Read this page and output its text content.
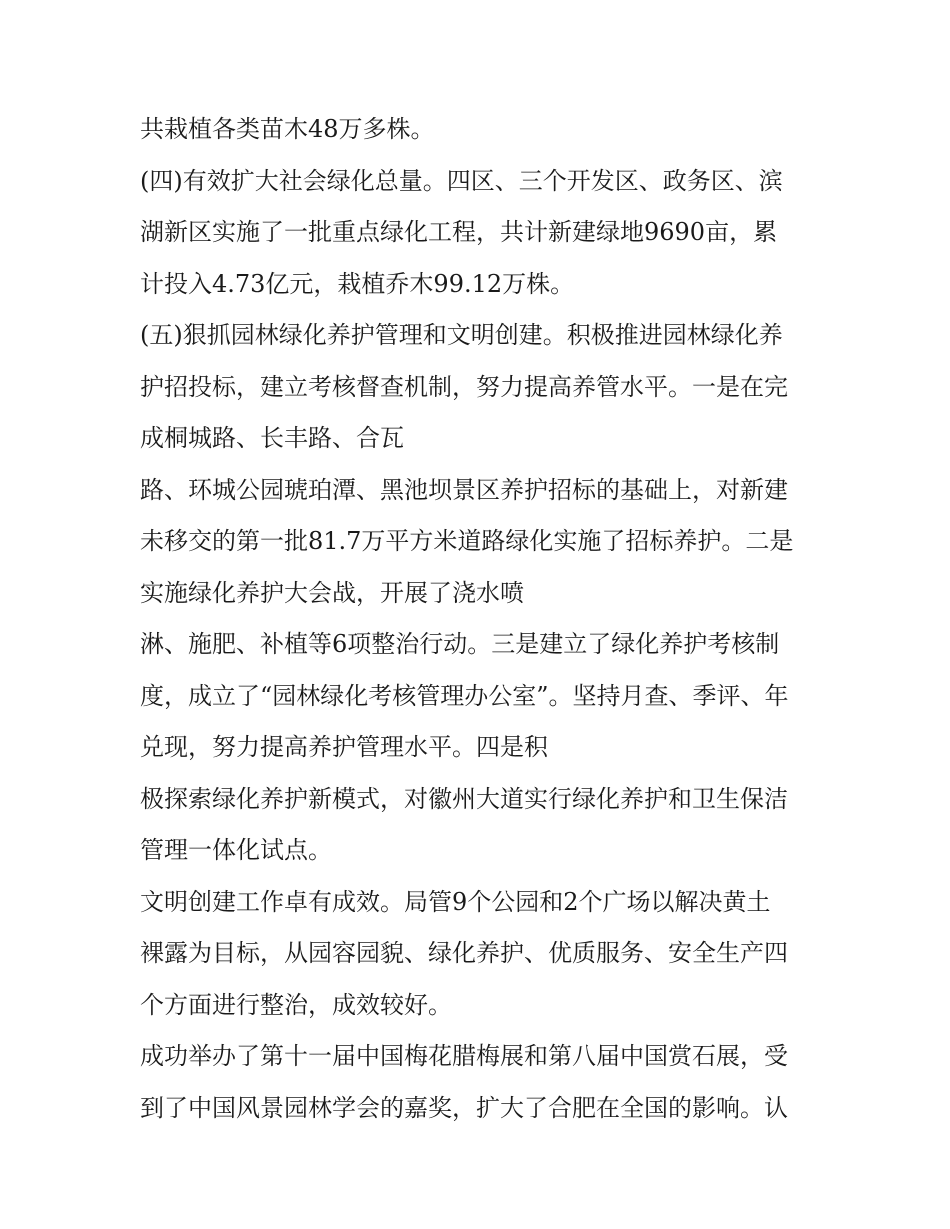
共栽植各类苗木48万多株。
(四)有效扩大社会绿化总量。四区、三个开发区、政务区、滨
湖新区实施了一批重点绿化工程，共计新建绿地9690亩，累
计投入4.73亿元，栽植乔木99.12万株。
(五)狠抓园林绿化养护管理和文明创建。积极推进园林绿化养
护招投标，建立考核督查机制，努力提高养管水平。一是在完
成桐城路、长丰路、合瓦
路、环城公园琥珀潭、黑池坝景区养护招标的基础上，对新建
未移交的第一批81.7万平方米道路绿化实施了招标养护。二是
实施绿化养护大会战，开展了浇水喷
淋、施肥、补植等6项整治行动。三是建立了绿化养护考核制
度，成立了“园林绿化考核管理办公室”。坚持月查、季评、年
兑现，努力提高养护管理水平。四是积
极探索绿化养护新模式，对徽州大道实行绿化养护和卫生保洁
管理一体化试点。
文明创建工作卓有成效。局管9个公园和2个广场以解决黄土
裸露为目标，从园容园貌、绿化养护、优质服务、安全生产四
个方面进行整治，成效较好。
成功举办了第十一届中国梅花腊梅展和第八届中国赏石展，受
到了中国风景园林学会的嘉奖，扩大了合肥在全国的影响。认
